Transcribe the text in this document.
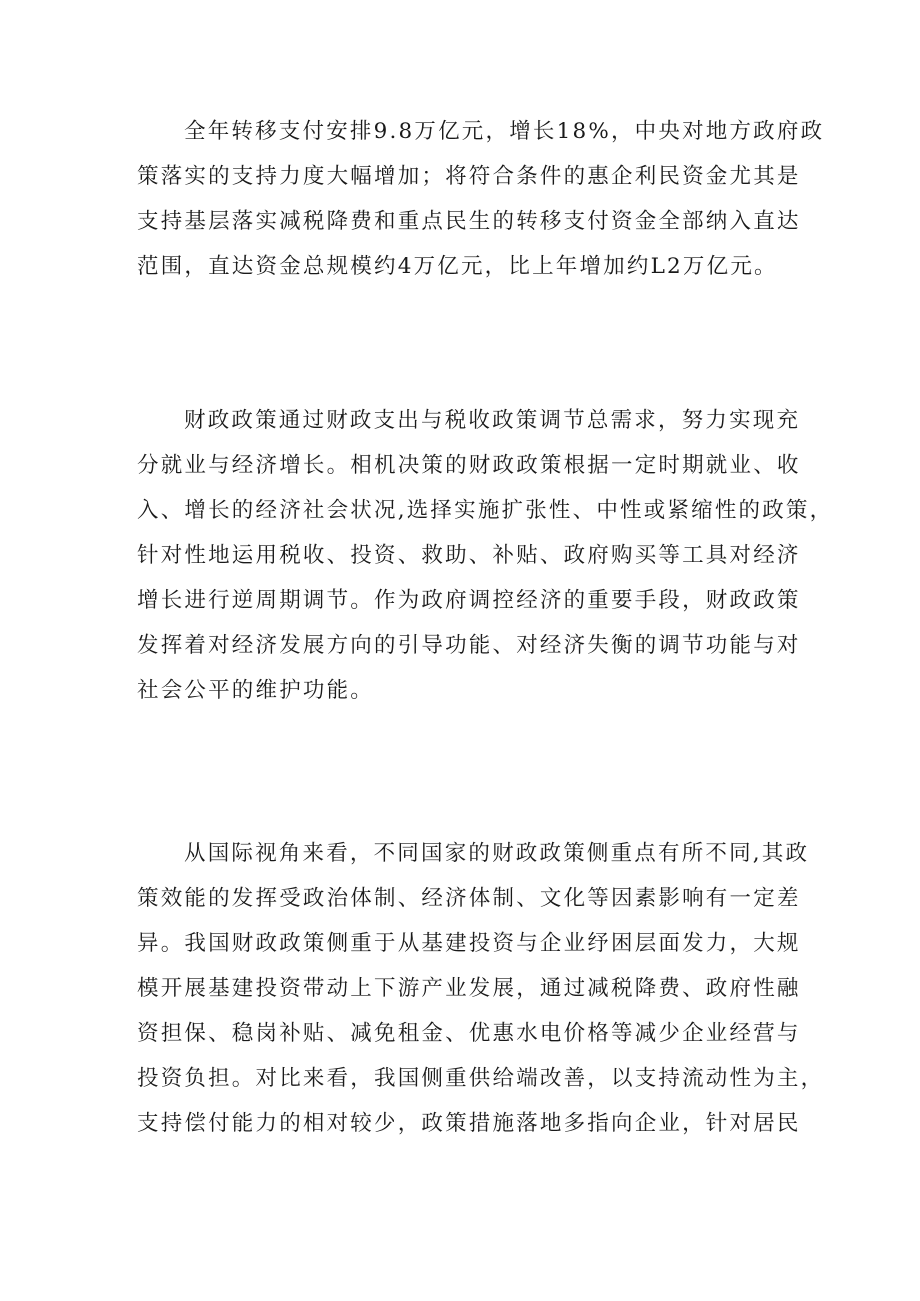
全年转移支付安排9.8万亿元，增长18%，中央对地方政府政
策落实的支持力度大幅增加；将符合条件的惠企利民资金尤其是
支持基层落实减税降费和重点民生的转移支付资金全部纳入直达
范围，直达资金总规模约4万亿元，比上年增加约L2万亿元。
财政政策通过财政支出与税收政策调节总需求，努力实现充
分就业与经济增长。相机决策的财政政策根据一定时期就业、收
入、增长的经济社会状况,选择实施扩张性、中性或紧缩性的政策，
针对性地运用税收、投资、救助、补贴、政府购买等工具对经济
增长进行逆周期调节。作为政府调控经济的重要手段，财政政策
发挥着对经济发展方向的引导功能、对经济失衡的调节功能与对
社会公平的维护功能。
从国际视角来看，不同国家的财政政策侧重点有所不同,其政
策效能的发挥受政治体制、经济体制、文化等因素影响有一定差
异。我国财政政策侧重于从基建投资与企业纾困层面发力，大规
模开展基建投资带动上下游产业发展，通过减税降费、政府性融
资担保、稳岗补贴、减免租金、优惠水电价格等减少企业经营与
投资负担。对比来看，我国侧重供给端改善，以支持流动性为主，
支持偿付能力的相对较少，政策措施落地多指向企业，针对居民
